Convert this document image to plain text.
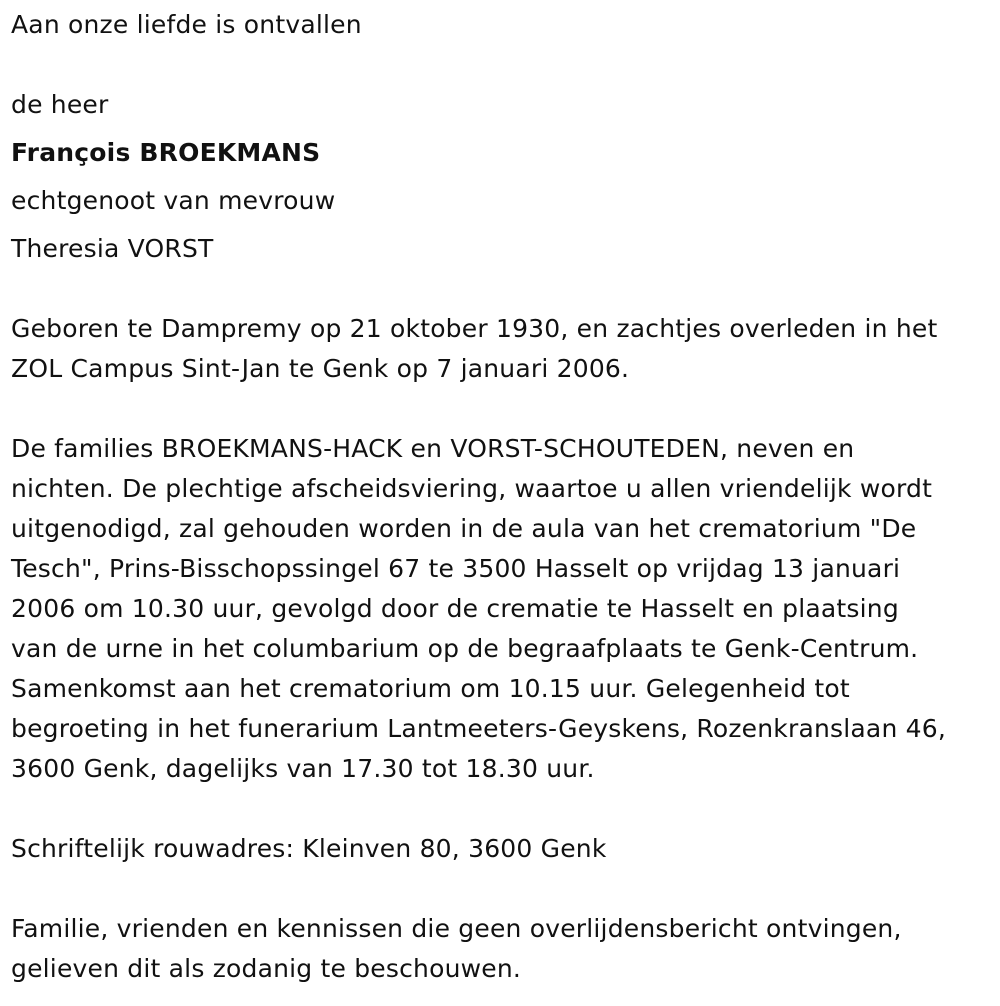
Aan onze liefde is ontvallen
de heer
François BROEKMANS
echtgenoot van mevrouw
Theresia VORST
Geboren te Dampremy op 21 oktober 1930, en zachtjes overleden in het
ZOL Campus Sint-Jan te Genk op 7 januari 2006.
De families BROEKMANS-HACK en VORST-SCHOUTEDEN, neven en
nichten. De plechtige afscheidsviering, waartoe u allen vriendelijk wordt
uitgenodigd, zal gehouden worden in de aula van het crematorium "De
Tesch", Prins-Bisschopssingel 67 te 3500 Hasselt op vrijdag 13 januari
2006 om 10.30 uur, gevolgd door de crematie te Hasselt en plaatsing
van de urne in het columbarium op de begraafplaats te Genk-Centrum.
Samenkomst aan het crematorium om 10.15 uur. Gelegenheid tot
begroeting in het funerarium Lantmeeters-Geyskens, Rozenkranslaan 46,
3600 Genk, dagelijks van 17.30 tot 18.30 uur.
Schriftelijk rouwadres: Kleinven 80, 3600 Genk
Familie, vrienden en kennissen die geen overlijdensbericht ontvingen,
gelieven dit als zodanig te beschouwen.
